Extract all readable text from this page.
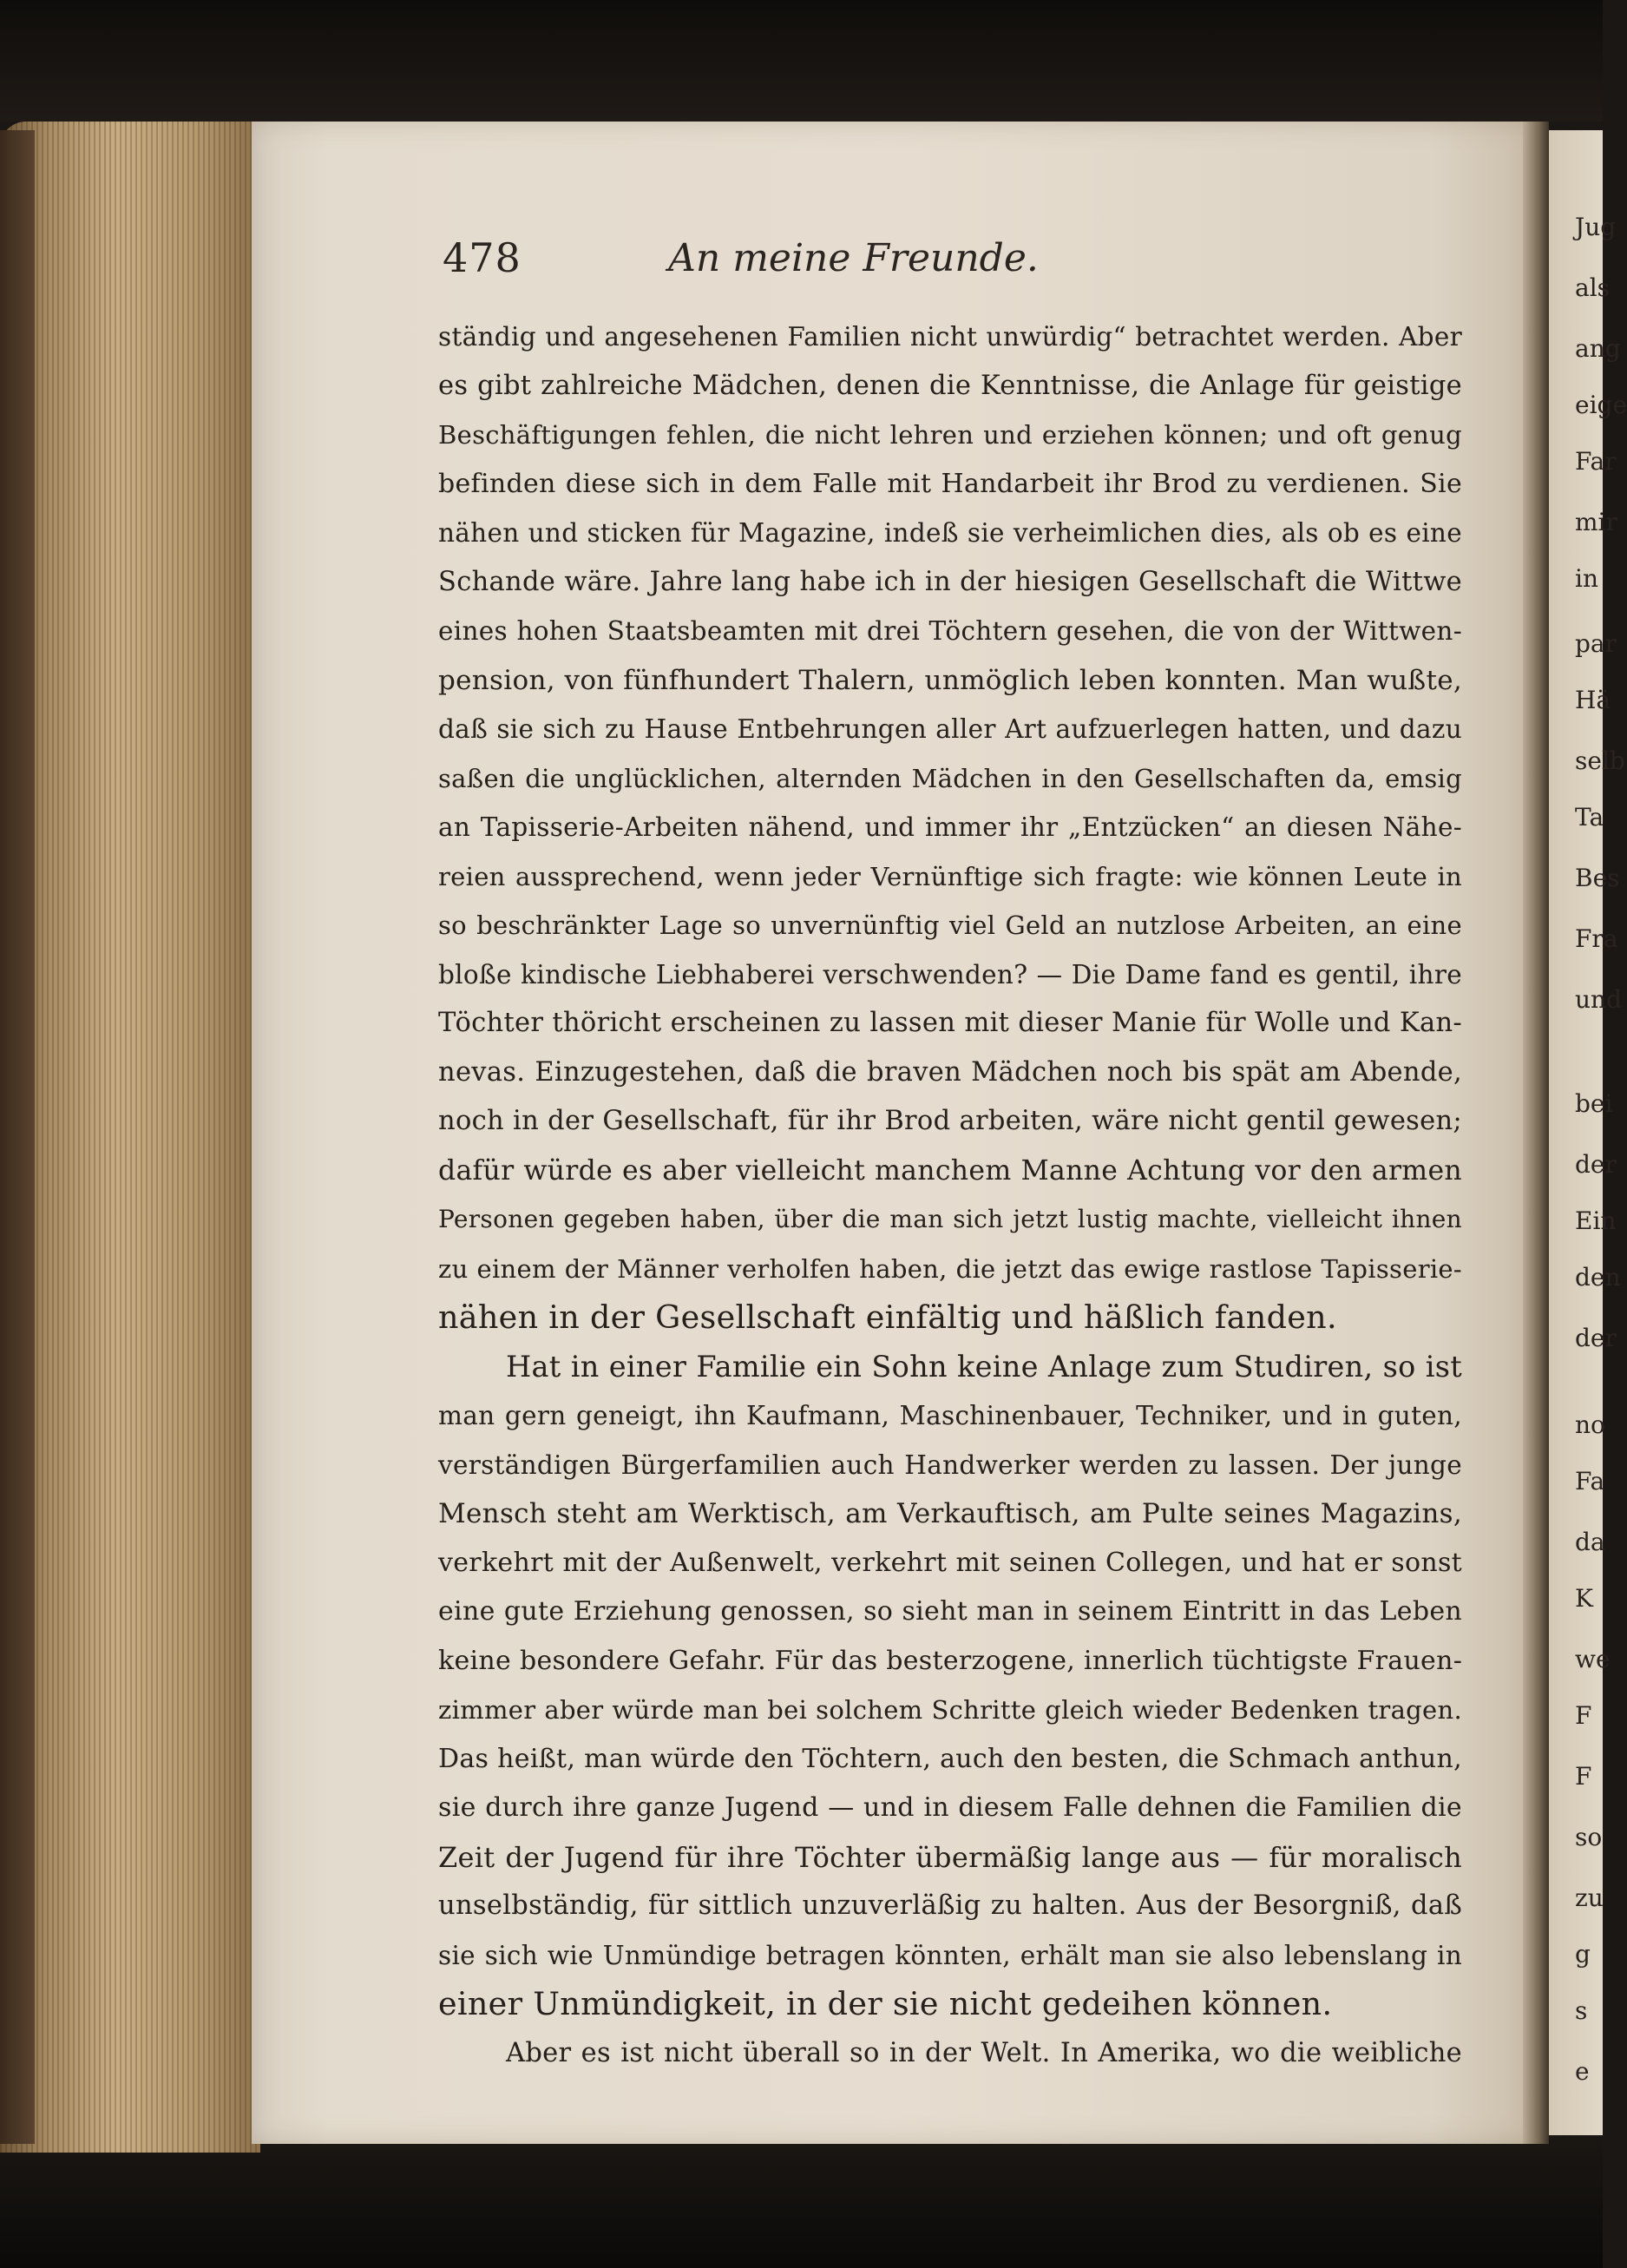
Jug
als
ang
eige
Far
mir
in
par
Hä
selb
Ta
Bes
Fra
und
bei
der
Ein
den
der
no
Fa
da
K
we
F
F
so
zu
g
s
e
478	An meine Freunde.
ständig und angesehenen Familien nicht unwürdig“ betrachtet werden. Aber
es gibt zahlreiche Mädchen, denen die Kenntnisse, die Anlage für geistige
Beschäftigungen fehlen, die nicht lehren und erziehen können; und oft genug
befinden diese sich in dem Falle mit Handarbeit ihr Brod zu verdienen. Sie
nähen und sticken für Magazine, indeß sie verheimlichen dies, als ob es eine
Schande wäre. Jahre lang habe ich in der hiesigen Gesellschaft die Wittwe
eines hohen Staatsbeamten mit drei Töchtern gesehen, die von der Wittwen-
pension, von fünfhundert Thalern, unmöglich leben konnten. Man wußte,
daß sie sich zu Hause Entbehrungen aller Art aufzuerlegen hatten, und dazu
saßen die unglücklichen, alternden Mädchen in den Gesellschaften da, emsig
an Tapisserie-Arbeiten nähend, und immer ihr „Entzücken“ an diesen Nähe-
reien aussprechend, wenn jeder Vernünftige sich fragte: wie können Leute in
so beschränkter Lage so unvernünftig viel Geld an nutzlose Arbeiten, an eine
bloße kindische Liebhaberei verschwenden? — Die Dame fand es gentil, ihre
Töchter thöricht erscheinen zu lassen mit dieser Manie für Wolle und Kan-
nevas. Einzugestehen, daß die braven Mädchen noch bis spät am Abende,
noch in der Gesellschaft, für ihr Brod arbeiten, wäre nicht gentil gewesen;
dafür würde es aber vielleicht manchem Manne Achtung vor den armen
Personen gegeben haben, über die man sich jetzt lustig machte, vielleicht ihnen
zu einem der Männer verholfen haben, die jetzt das ewige rastlose Tapisserie-
nähen in der Gesellschaft einfältig und häßlich fanden.
Hat in einer Familie ein Sohn keine Anlage zum Studiren, so ist
man gern geneigt, ihn Kaufmann, Maschinenbauer, Techniker, und in guten,
verständigen Bürgerfamilien auch Handwerker werden zu lassen. Der junge
Mensch steht am Werktisch, am Verkauftisch, am Pulte seines Magazins,
verkehrt mit der Außenwelt, verkehrt mit seinen Collegen, und hat er sonst
eine gute Erziehung genossen, so sieht man in seinem Eintritt in das Leben
keine besondere Gefahr. Für das besterzogene, innerlich tüchtigste Frauen-
zimmer aber würde man bei solchem Schritte gleich wieder Bedenken tragen.
Das heißt, man würde den Töchtern, auch den besten, die Schmach anthun,
sie durch ihre ganze Jugend — und in diesem Falle dehnen die Familien die
Zeit der Jugend für ihre Töchter übermäßig lange aus — für moralisch
unselbständig, für sittlich unzuverläßig zu halten. Aus der Besorgniß, daß
sie sich wie Unmündige betragen könnten, erhält man sie also lebenslang in
einer Unmündigkeit, in der sie nicht gedeihen können.
Aber es ist nicht überall so in der Welt. In Amerika, wo die weibliche
